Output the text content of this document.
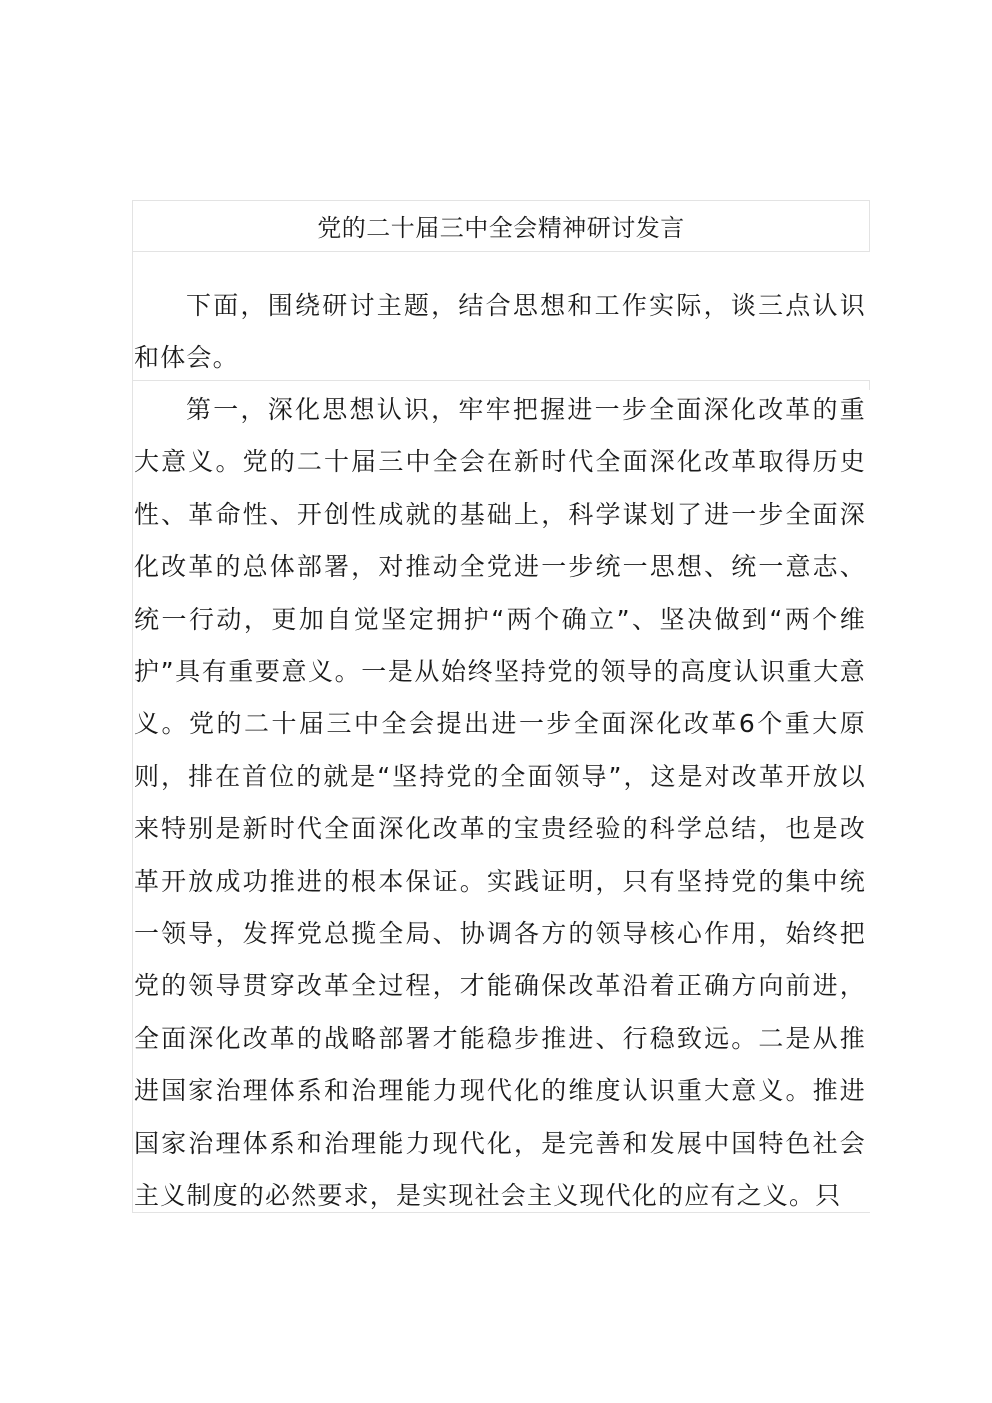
党的二十届三中全会精神研讨发言

下面，围绕研讨主题，结合思想和工作实际，谈三点认识和体会。

第一，深化思想认识，牢牢把握进一步全面深化改革的重大意义。党的二十届三中全会在新时代全面深化改革取得历史性、革命性、开创性成就的基础上，科学谋划了进一步全面深化改革的总体部署，对推动全党进一步统一思想、统一意志、统一行动，更加自觉坚定拥护“两个确立”、坚决做到“两个维护”具有重要意义。一是从始终坚持党的领导的高度认识重大意义。党的二十届三中全会提出进一步全面深化改革6个重大原则，排在首位的就是“坚持党的全面领导”，这是对改革开放以来特别是新时代全面深化改革的宝贵经验的科学总结，也是改革开放成功推进的根本保证。实践证明，只有坚持党的集中统一领导，发挥党总揽全局、协调各方的领导核心作用，始终把党的领导贯穿改革全过程，才能确保改革沿着正确方向前进，全面深化改革的战略部署才能稳步推进、行稳致远。二是从推进国家治理体系和治理能力现代化的维度认识重大意义。推进国家治理体系和治理能力现代化，是完善和发展中国特色社会主义制度的必然要求，是实现社会主义现代化的应有之义。只
